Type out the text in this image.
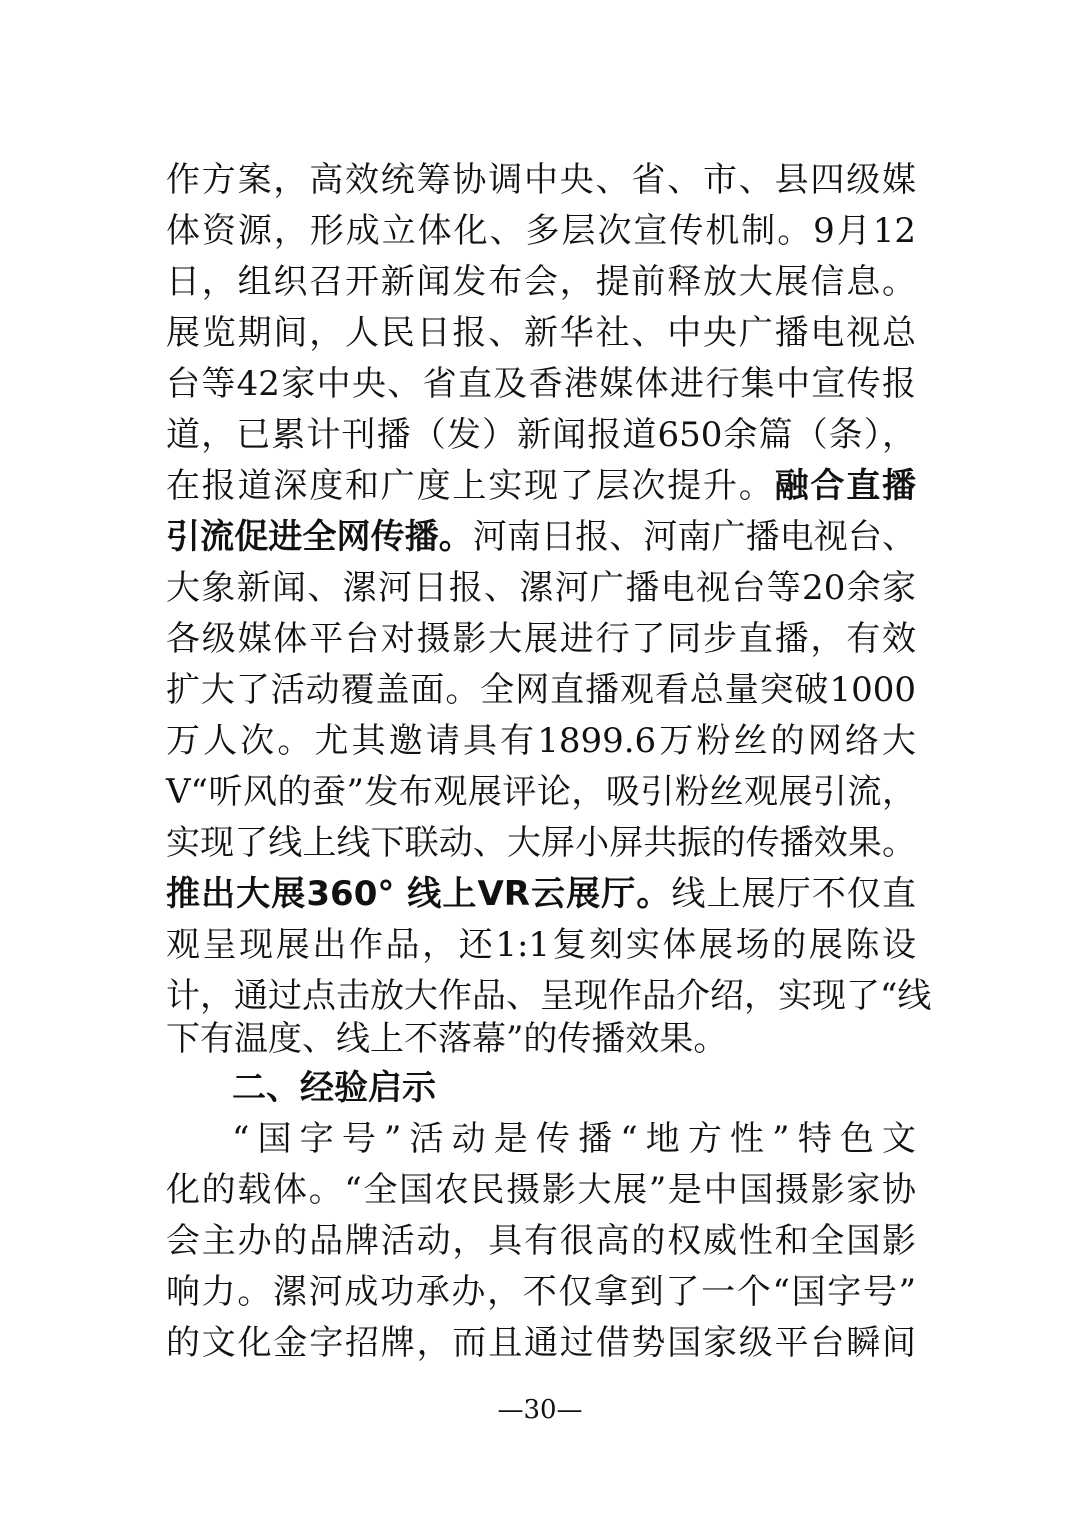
作方案，高效统筹协调中央、省、市、县四级媒
体资源，形成立体化、多层次宣传机制。9月12
日，组织召开新闻发布会，提前释放大展信息。
展览期间，人民日报、新华社、中央广播电视总
台等42家中央、省直及香港媒体进行集中宣传报
道，已累计刊播（发）新闻报道650余篇（条），
在报道深度和广度上实现了层次提升。融合直播
引流促进全网传播。河南日报、河南广播电视台、
大象新闻、漯河日报、漯河广播电视台等20余家
各级媒体平台对摄影大展进行了同步直播，有效
扩大了活动覆盖面。全网直播观看总量突破1000
万人次。尤其邀请具有1899.6万粉丝的网络大
V“听风的蚕”发布观展评论，吸引粉丝观展引流，
实现了线上线下联动、大屏小屏共振的传播效果。
推出大展360° 线上VR云展厅。线上展厅不仅直
观呈现展出作品，还1:1复刻实体展场的展陈设
计，通过点击放大作品、呈现作品介绍，实现了“线
下有温度、线上不落幕”的传播效果。
二、经验启示
“国字号”活动是传播“地方性”特色文
化的载体。“全国农民摄影大展”是中国摄影家协
会主办的品牌活动，具有很高的权威性和全国影
响力。漯河成功承办，不仅拿到了一个“国字号”
的文化金字招牌，而且通过借势国家级平台瞬间
—30—
